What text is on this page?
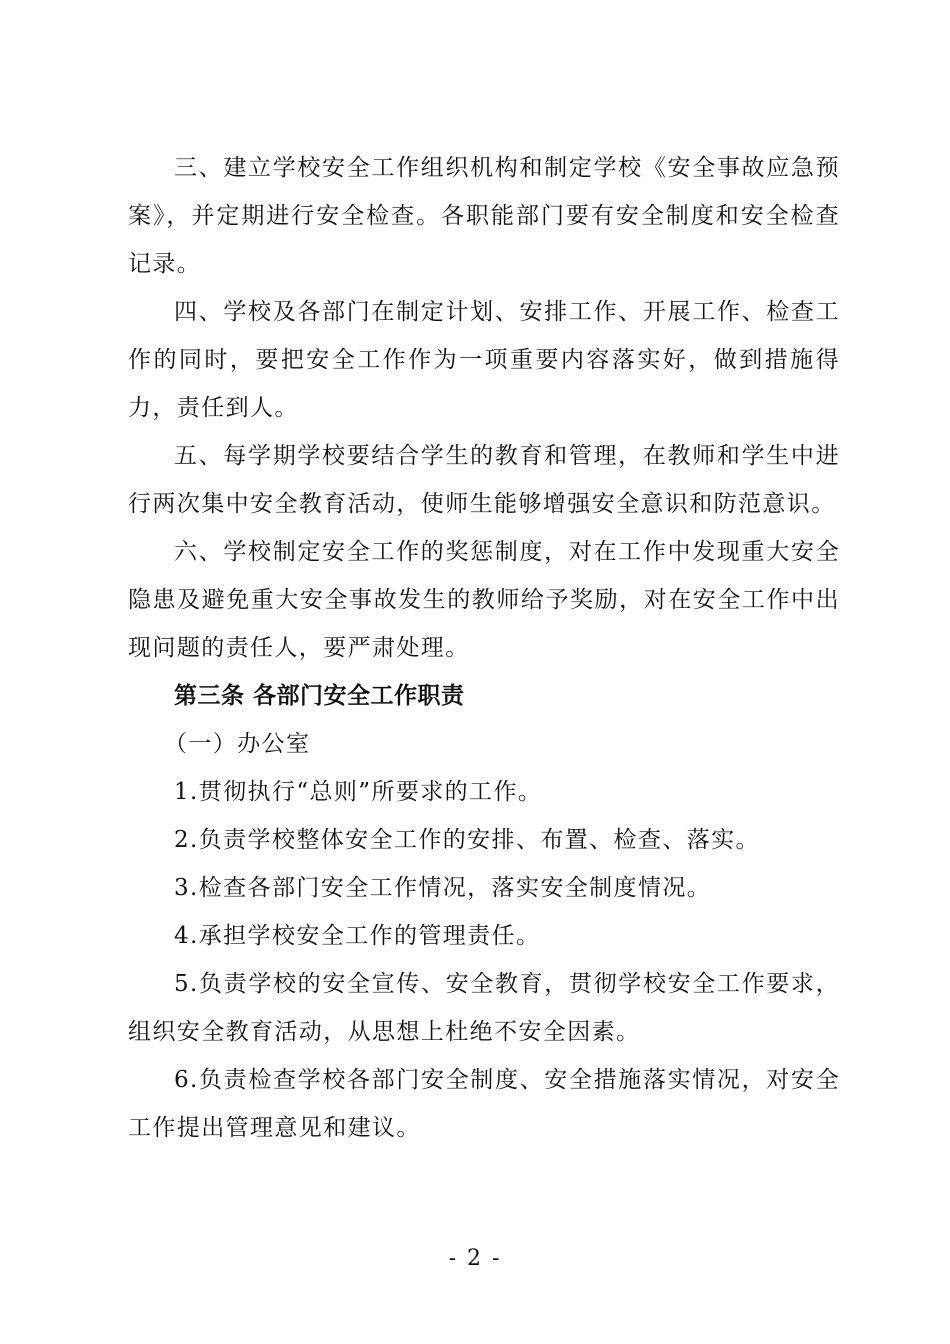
三、建立学校安全工作组织机构和制定学校《安全事故应急预案》，并定期进行安全检查。各职能部门要有安全制度和安全检查记录。

四、学校及各部门在制定计划、安排工作、开展工作、检查工作的同时，要把安全工作作为一项重要内容落实好，做到措施得力，责任到人。

五、每学期学校要结合学生的教育和管理，在教师和学生中进行两次集中安全教育活动，使师生能够增强安全意识和防范意识。

六、学校制定安全工作的奖惩制度，对在工作中发现重大安全隐患及避免重大安全事故发生的教师给予奖励，对在安全工作中出现问题的责任人，要严肃处理。

第三条 各部门安全工作职责

（一）办公室

1.贯彻执行“总则”所要求的工作。

2.负责学校整体安全工作的安排、布置、检查、落实。

3.检查各部门安全工作情况，落实安全制度情况。

4.承担学校安全工作的管理责任。

5.负责学校的安全宣传、安全教育，贯彻学校安全工作要求，组织安全教育活动，从思想上杜绝不安全因素。

6.负责检查学校各部门安全制度、安全措施落实情况，对安全工作提出管理意见和建议。

- 2 -
